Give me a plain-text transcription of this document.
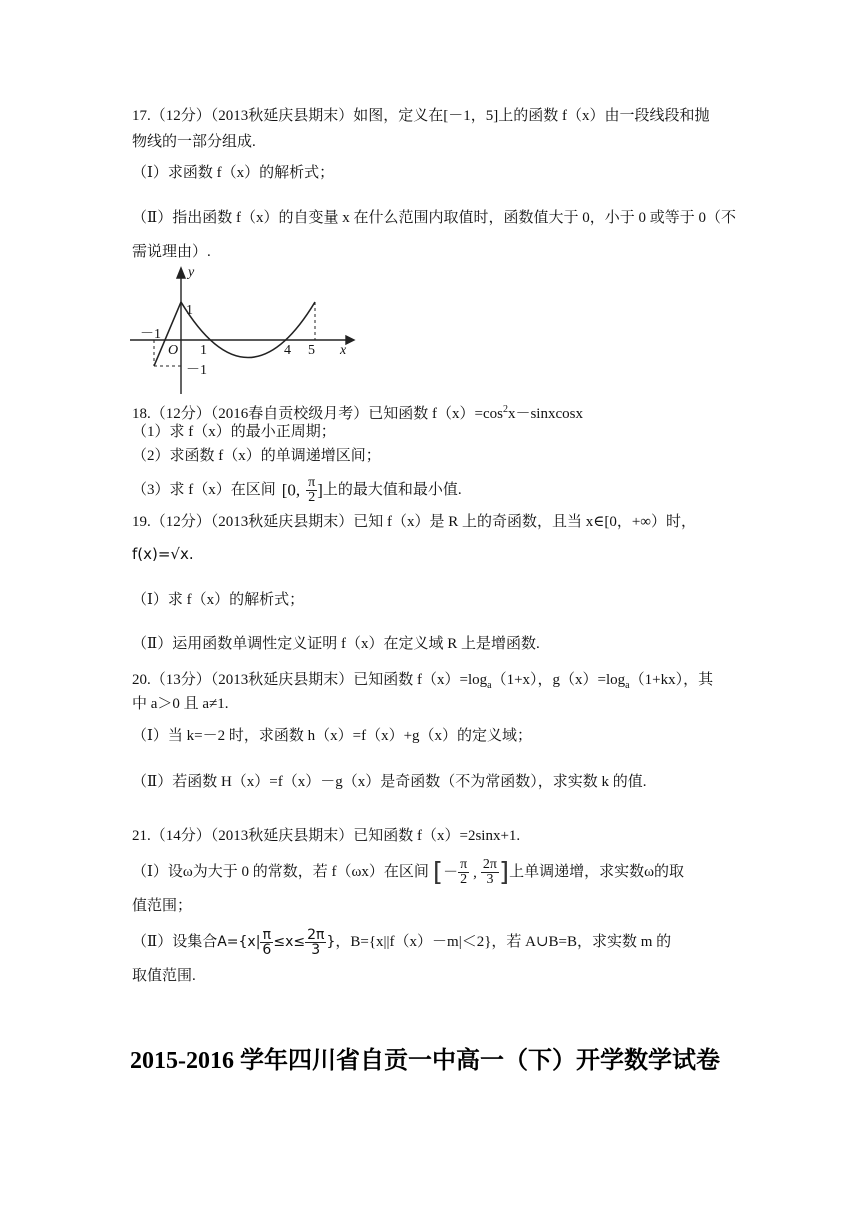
17.（12分）（2013秋延庆县期末）如图，定义在[－1，5]上的函数 f（x）由一段线段和抛
物线的一部分组成.
（Ⅰ）求函数 f（x）的解析式；
（Ⅱ）指出函数 f（x）的自变量 x 在什么范围内取值时，函数值大于 0，小于 0 或等于 0（不
需说理由）.
y
x
O
－1
1	4 5
1
－1
18.（12分）（2016春自贡校级月考）已知函数 $f(x)=\cos^2x-sinxcosx$
（1）求 f（x）的最小正周期；
（2）求函数 f（x）的单调递增区间；
（3）求 f（x）在区间 [0, $\frac{\pi}{2}$ ]上的最大值和最小值.
19.（12分）（2013秋延庆县期末）已知 f（x）是 R 上的奇函数，且当 x∈[0，+∞）时，
f(x)=√x.
（Ⅰ）求 f（x）的解析式；
（Ⅱ）运用函数单调性定义证明 f（x）在定义域 R 上是增函数.
20.（13分）（2013秋延庆县期末）已知函数 $f(x)=\log_a(1+x)$，$g(x)=\log_a(1+kx)$，其
中 a＞0 且 a≠1.
（Ⅰ）当 k=－2 时，求函数 h（x）=f（x）+g（x）的定义域；
（Ⅱ）若函数 H（x）=f（x）－g（x）是奇函数（不为常函数），求实数 k 的值.
21.（14分）（2013秋延庆县期末）已知函数 f（x）=2sinx+1.
（Ⅰ）设ω为大于 0 的常数，若 f（ωx）在区间 [－ $\frac{\pi}{2}$ , $\frac{2\pi}{3}$ ]上单调递增，求实数ω的取
值范围；
（Ⅱ）设集合$A=\{x| \frac{\pi}{6} \le x\le \frac{2\pi}{3}$ }，B={x||f（x）－m|＜2}，若 A∪B=B，求实数 m 的
取值范围.
2015-2016 学年四川省自贡一中高一（下）开学数学试卷
